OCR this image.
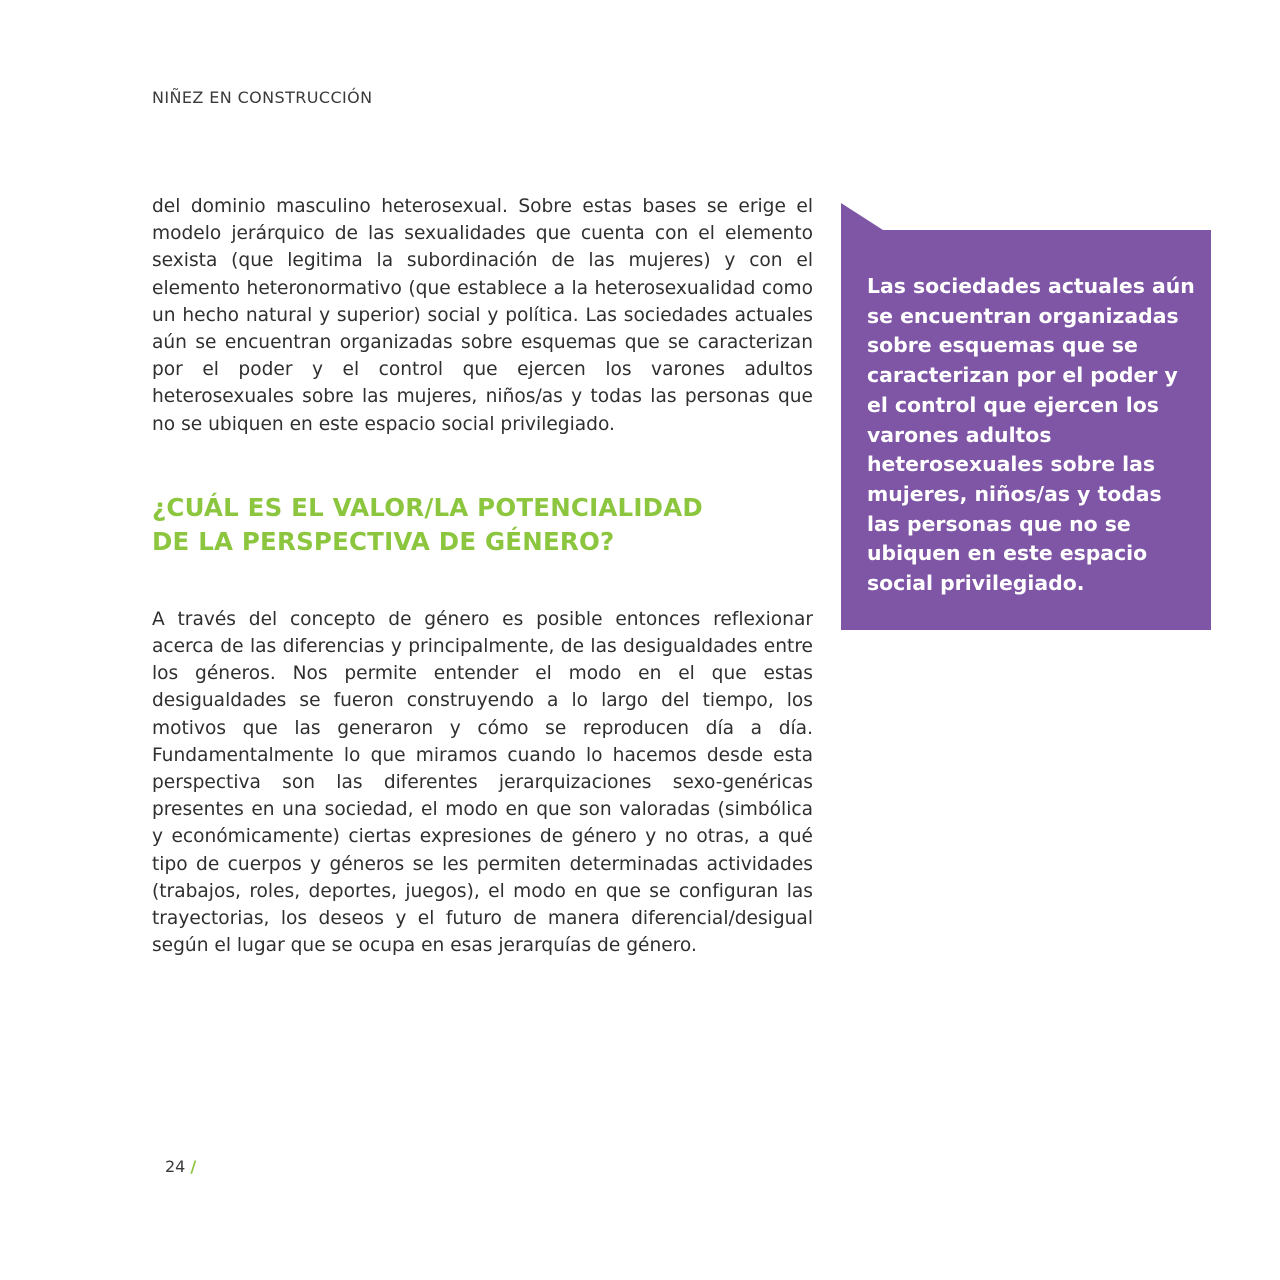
NIÑEZ EN CONSTRUCCIÓN

del dominio masculino heterosexual. Sobre estas bases se erige el modelo jerárquico de las sexualidades que cuenta con el elemento sexista (que legitima la subordinación de las mujeres) y con el elemento heteronormativo (que establece a la heterosexualidad como un hecho natural y superior) social y política. Las sociedades actuales aún se encuentran organizadas sobre esquemas que se caracterizan por el poder y el control que ejercen los varones adultos heterosexuales sobre las mujeres, niños/as y todas las personas que no se ubiquen en este espacio social privilegiado.

¿CUÁL ES EL VALOR/LA POTENCIALIDAD
DE LA PERSPECTIVA DE GÉNERO?

A través del concepto de género es posible entonces reflexionar acerca de las diferencias y principalmente, de las desigualdades entre los géneros. Nos permite entender el modo en el que estas desigualdades se fueron construyendo a lo largo del tiempo, los motivos que las generaron y cómo se reproducen día a día. Fundamentalmente lo que miramos cuando lo hacemos desde esta perspectiva son las diferentes jerarquizaciones sexo-genéricas presentes en una sociedad, el modo en que son valoradas (simbólica y económicamente) ciertas expresiones de género y no otras, a qué tipo de cuerpos y géneros se les permiten determinadas actividades (trabajos, roles, deportes, juegos), el modo en que se configuran las trayectorias, los deseos y el futuro de manera diferencial/desigual según el lugar que se ocupa en esas jerarquías de género.

Las sociedades actuales aún se encuentran organizadas sobre esquemas que se caracterizan por el poder y el control que ejercen los varones adultos heterosexuales sobre las mujeres, niños/as y todas las personas que no se ubiquen en este espacio social privilegiado.

24 /
